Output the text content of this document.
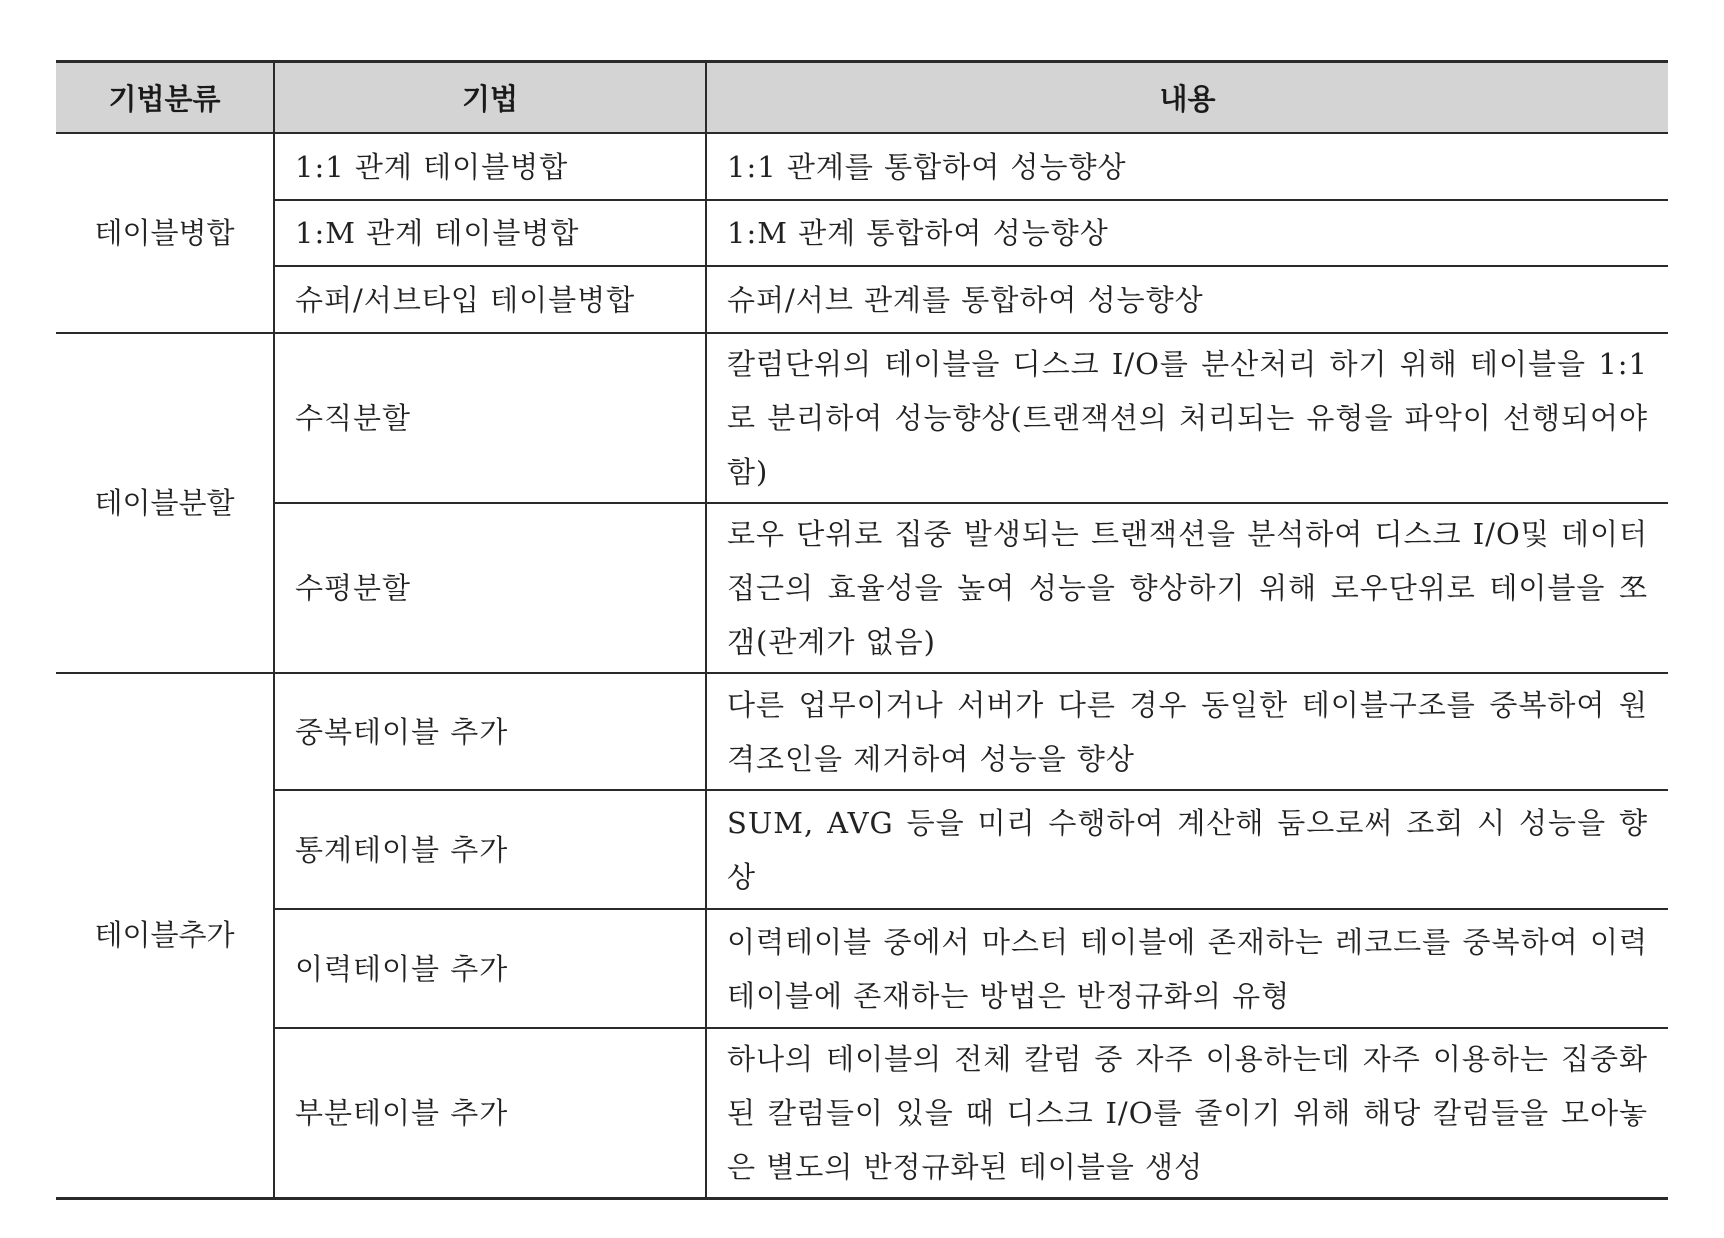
기법분류	기법	내용
테이블병합	1:1 관계 테이블병합	1:1 관계를 통합하여 성능향상
	1:M 관계 테이블병합	1:M 관계 통합하여 성능향상
	슈퍼/서브타입 테이블병합	슈퍼/서브 관계를 통합하여 성능향상
테이블분할	수직분할	칼럼단위의 테이블을 디스크 I/O를 분산처리 하기 위해 테이블을 1:1로 분리하여 성능향상(트랜잭션의 처리되는 유형을 파악이 선행되어야 함)
	수평분할	로우 단위로 집중 발생되는 트랜잭션을 분석하여 디스크 I/O및 데이터접근의 효율성을 높여 성능을 향상하기 위해 로우단위로 테이블을 쪼갬(관계가 없음)
테이블추가	중복테이블 추가	다른 업무이거나 서버가 다른 경우 동일한 테이블구조를 중복하여 원격조인을 제거하여 성능을 향상
	통계테이블 추가	SUM, AVG 등을 미리 수행하여 계산해 둠으로써 조회 시 성능을 향상
	이력테이블 추가	이력테이블 중에서 마스터 테이블에 존재하는 레코드를 중복하여 이력테이블에 존재하는 방법은 반정규화의 유형
	부분테이블 추가	하나의 테이블의 전체 칼럼 중 자주 이용하는데 자주 이용하는 집중화된 칼럼들이 있을 때 디스크 I/O를 줄이기 위해 해당 칼럼들을 모아놓은 별도의 반정규화된 테이블을 생성
